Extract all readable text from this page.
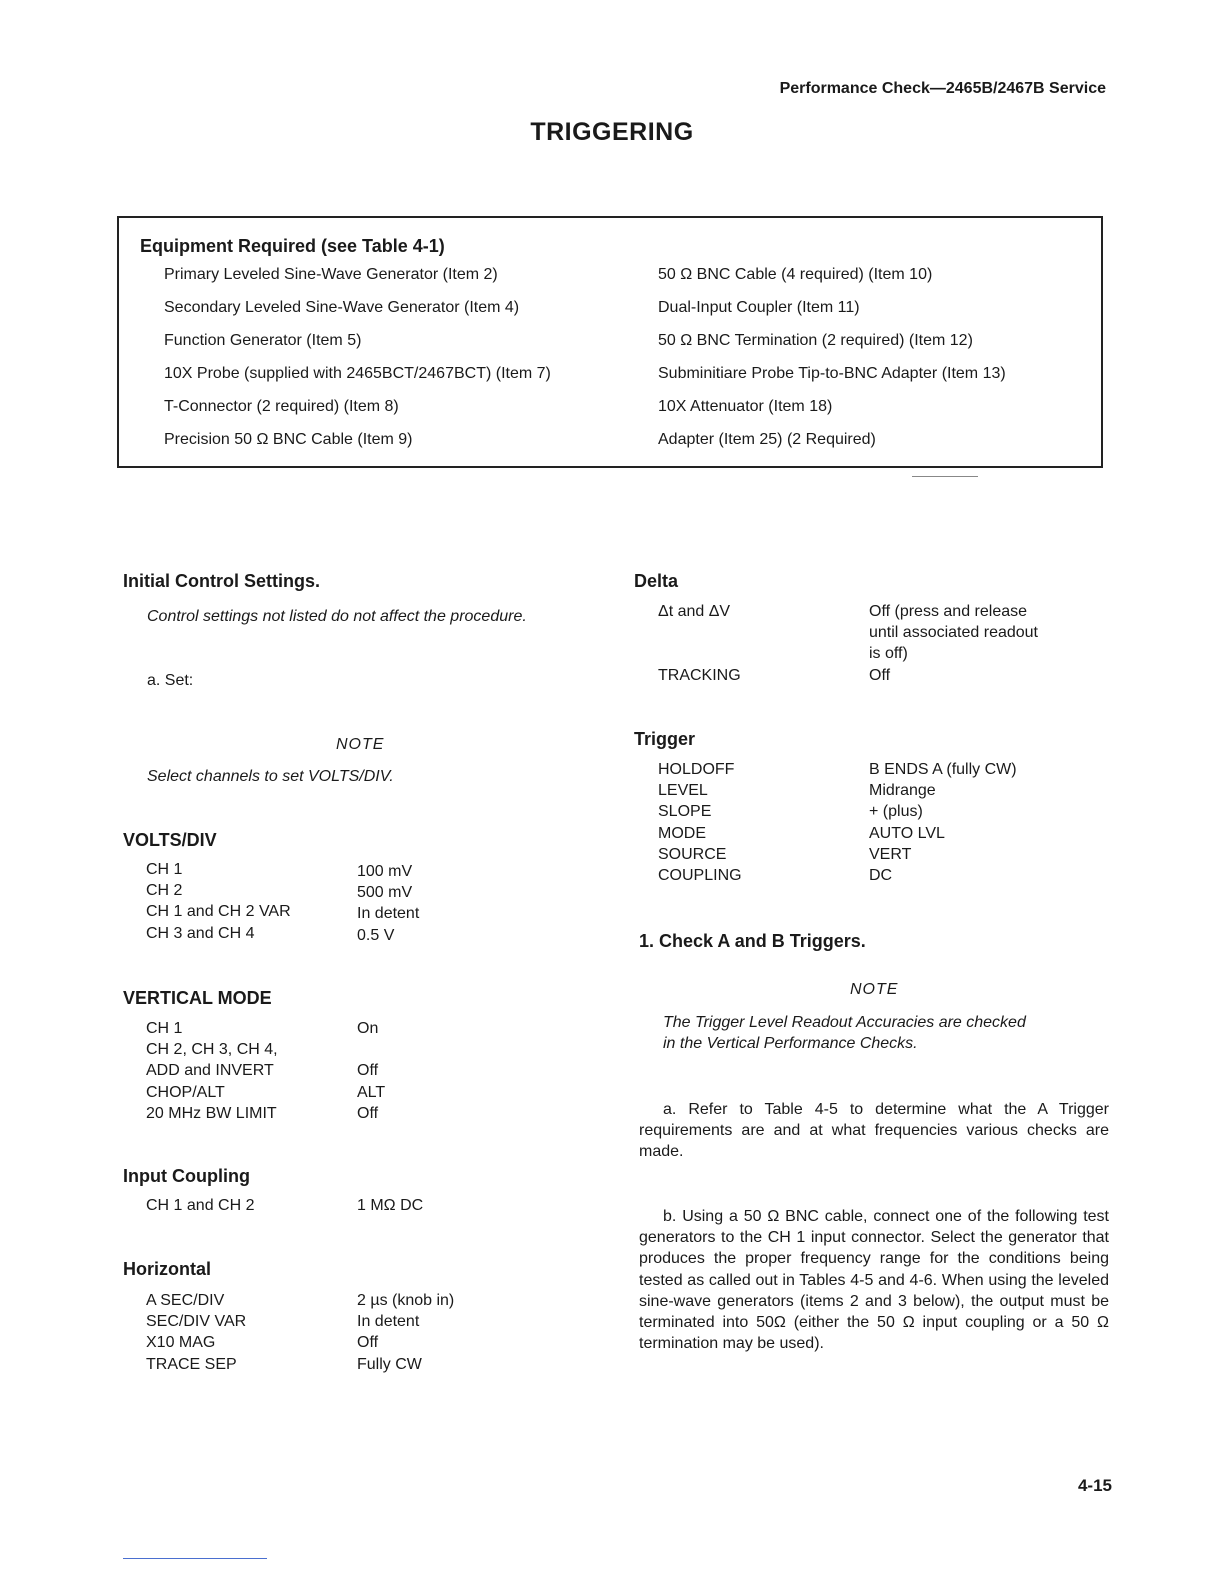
Performance Check—2465B/2467B Service
TRIGGERING
Equipment Required (see Table 4-1)
Primary Leveled Sine-Wave Generator (Item 2)
Secondary Leveled Sine-Wave Generator (Item 4)
Function Generator (Item 5)
10X Probe (supplied with 2465BCT/2467BCT) (Item 7)
T-Connector (2 required) (Item 8)
Precision 50 Ω BNC Cable (Item 9)
50 Ω BNC Cable (4 required) (Item 10)
Dual-Input Coupler (Item 11)
50 Ω BNC Termination (2 required) (Item 12)
Subminitiare Probe Tip-to-BNC Adapter (Item 13)
10X Attenuator (Item 18)
Adapter (Item 25) (2 Required)
Initial Control Settings.
Control settings not listed do not affect the procedure.
a. Set:
NOTE
Select channels to set VOLTS/DIV.
VOLTS/DIV
CH 1
CH 2
CH 1 and CH 2 VAR
CH 3 and CH 4
100 mV
500 mV
In detent
0.5 V
VERTICAL MODE
CH 1
CH 2, CH 3, CH 4,
ADD and INVERT
CHOP/ALT
20 MHz BW LIMIT
On

Off
ALT
Off
Input Coupling
CH 1 and CH 2	1 MΩ DC
Horizontal
A SEC/DIV
SEC/DIV VAR
X10 MAG
TRACE SEP
2 µs (knob in)
In detent
Off
Fully CW
Delta
Δt and ΔV

TRACKING
Off (press and release
until associated readout
is off)
Off
Trigger
HOLDOFF
LEVEL
SLOPE
MODE
SOURCE
COUPLING
B ENDS A (fully CW)
Midrange
+ (plus)
AUTO LVL
VERT
DC
1. Check A and B Triggers.
NOTE
The Trigger Level Readout Accuracies are checked
in the Vertical Performance Checks.
a. Refer to Table 4-5 to determine what the A Trigger requirements are and at what frequencies various checks are made.
b. Using a 50 Ω BNC cable, connect one of the following test generators to the CH 1 input connector. Select the generator that produces the proper frequency range for the conditions being tested as called out in Tables 4-5 and 4-6. When using the leveled sine-wave generators (items 2 and 3 below), the output must be terminated into 50Ω (either the 50 Ω input coupling or a 50 Ω termination may be used).
4-15
